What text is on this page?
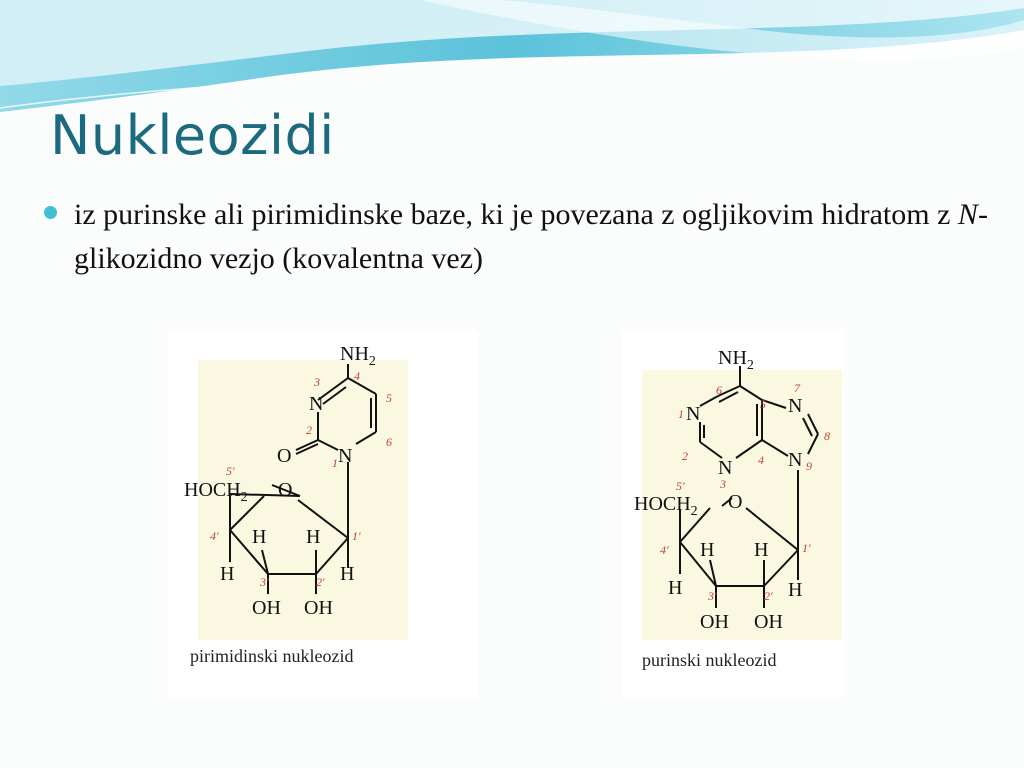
Nukleozidi

iz purinske ali pirimidinske baze, ki je povezana z ogljikovim hidratom z N-glikozidno vezjo (kovalentna vez)

$NH_2$
4
3
N	5
2
6
O N
1
5′
$HOCH_2$ O
4′ H H	1′
H 3′	2′ H
OH OH
pirimidinski nukleozid
$NH_2$
6
5
7
N
1 N
8
2	4
N	N 9
3
5′
$HOCH_2$ O
4′ H H	1′
H 3′	2′ H
OH OH
purinski nukleozid
